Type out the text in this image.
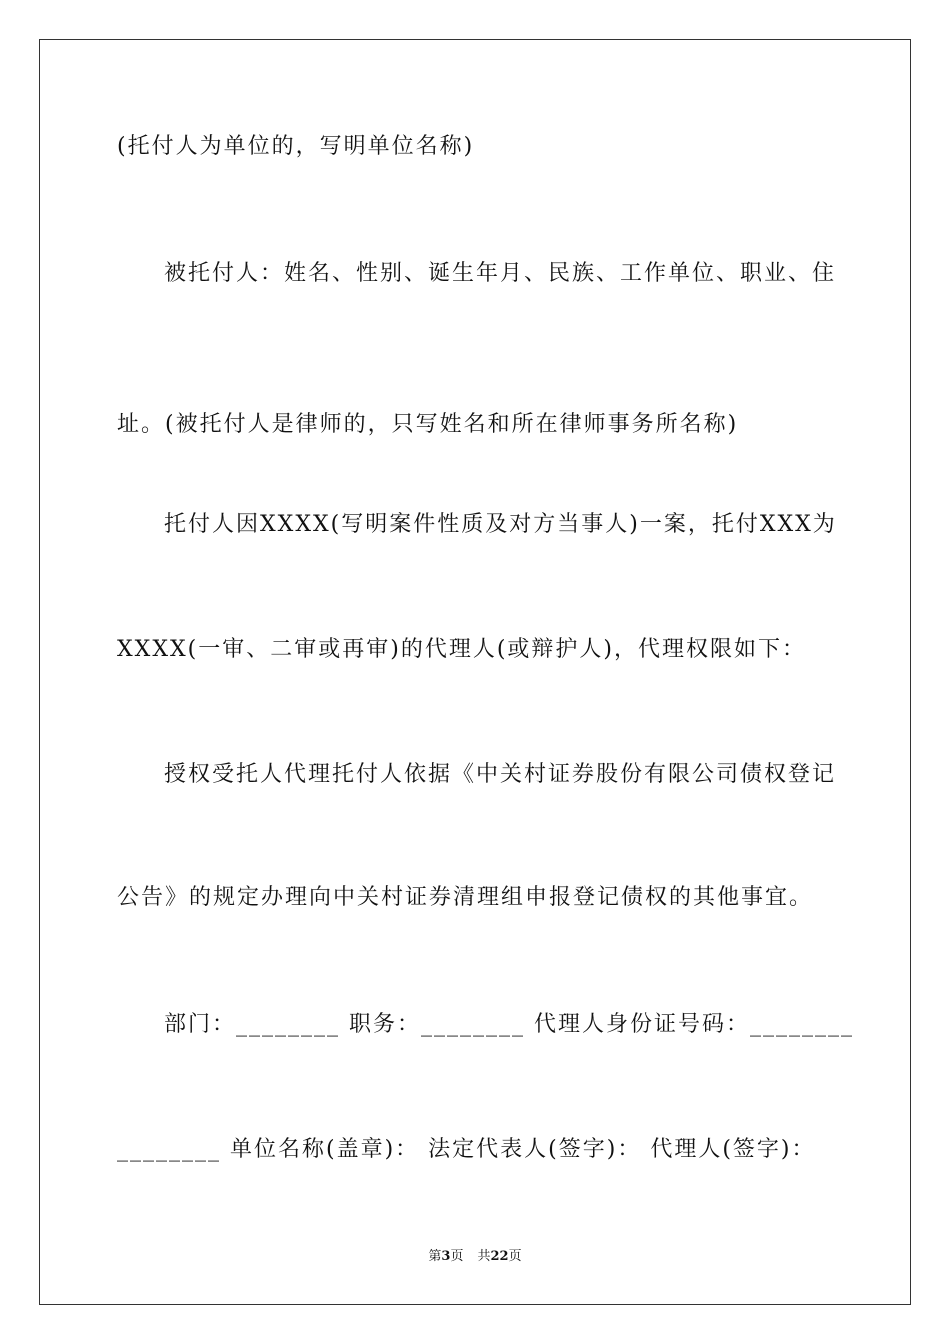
(托付人为单位的，写明单位名称)
被托付人：姓名、性别、诞生年月、民族、工作单位、职业、住
址。(被托付人是律师的，只写姓名和所在律师事务所名称)
托付人因XXXX(写明案件性质及对方当事人)一案，托付XXX为
XXXX(一审、二审或再审)的代理人(或辩护人)，代理权限如下：
授权受托人代理托付人依据《中关村证券股份有限公司债权登记
公告》的规定办理向中关村证券清理组申报登记债权的其他事宜。
部门：________ 职务：________ 代理人身份证号码：________
________ 单位名称(盖章)： 法定代表人(签字)： 代理人(签字)：
第3页 共22页
